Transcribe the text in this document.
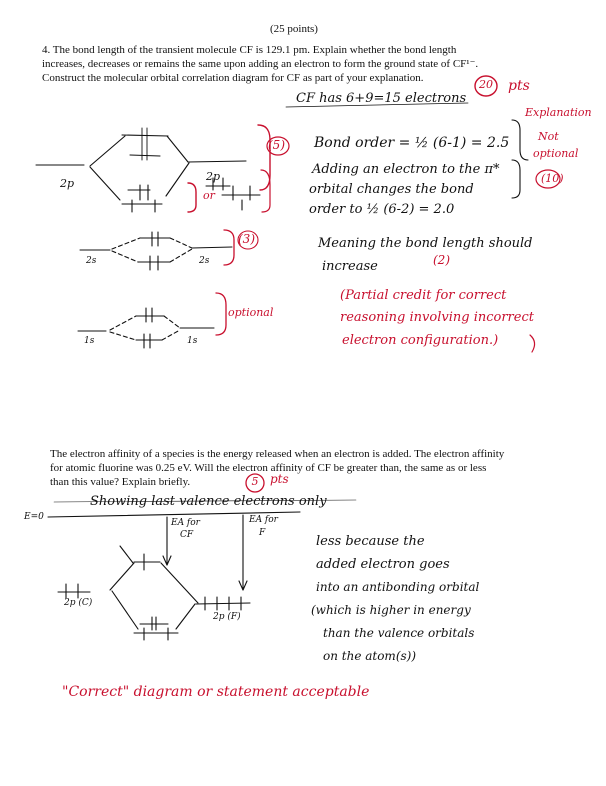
(25 points)
4. The bond length of the transient molecule CF is 129.1 pm. Explain whether the bond length
increases, decreases or remains the same upon adding an electron to form the ground state of CF¹⁻.
Construct the molecular orbital correlation diagram for CF as part of your explanation.	20 pts
CF has 6+9=15 electrons
Bond order = ½ (6-1) = 2.5
Adding an electron to the π*
orbital changes the bond
order to ½ (6-2) = 2.0
Meaning the bond length should
increase	(2)
Explanation
Not
optional
(10)
(Partial credit for correct
reasoning involving incorrect
electron configuration.)
(5)
(3)
or
optional
2p
2p
2s	2s
1s	1s
The electron affinity of a species is the energy released when an electron is added. The electron affinity
for atomic fluorine was 0.25 eV. Will the electron affinity of CF be greater than, the same as or less
than this value? Explain briefly.	5 pts
Showing last valence electrons only
E=0
EA for
CF
EA for
F
2p (C)
2p (F)
less because the
added electron goes
into an antibonding orbital
(which is higher in energy
than the valence orbitals
on the atom(s))
"Correct" diagram or statement acceptable
